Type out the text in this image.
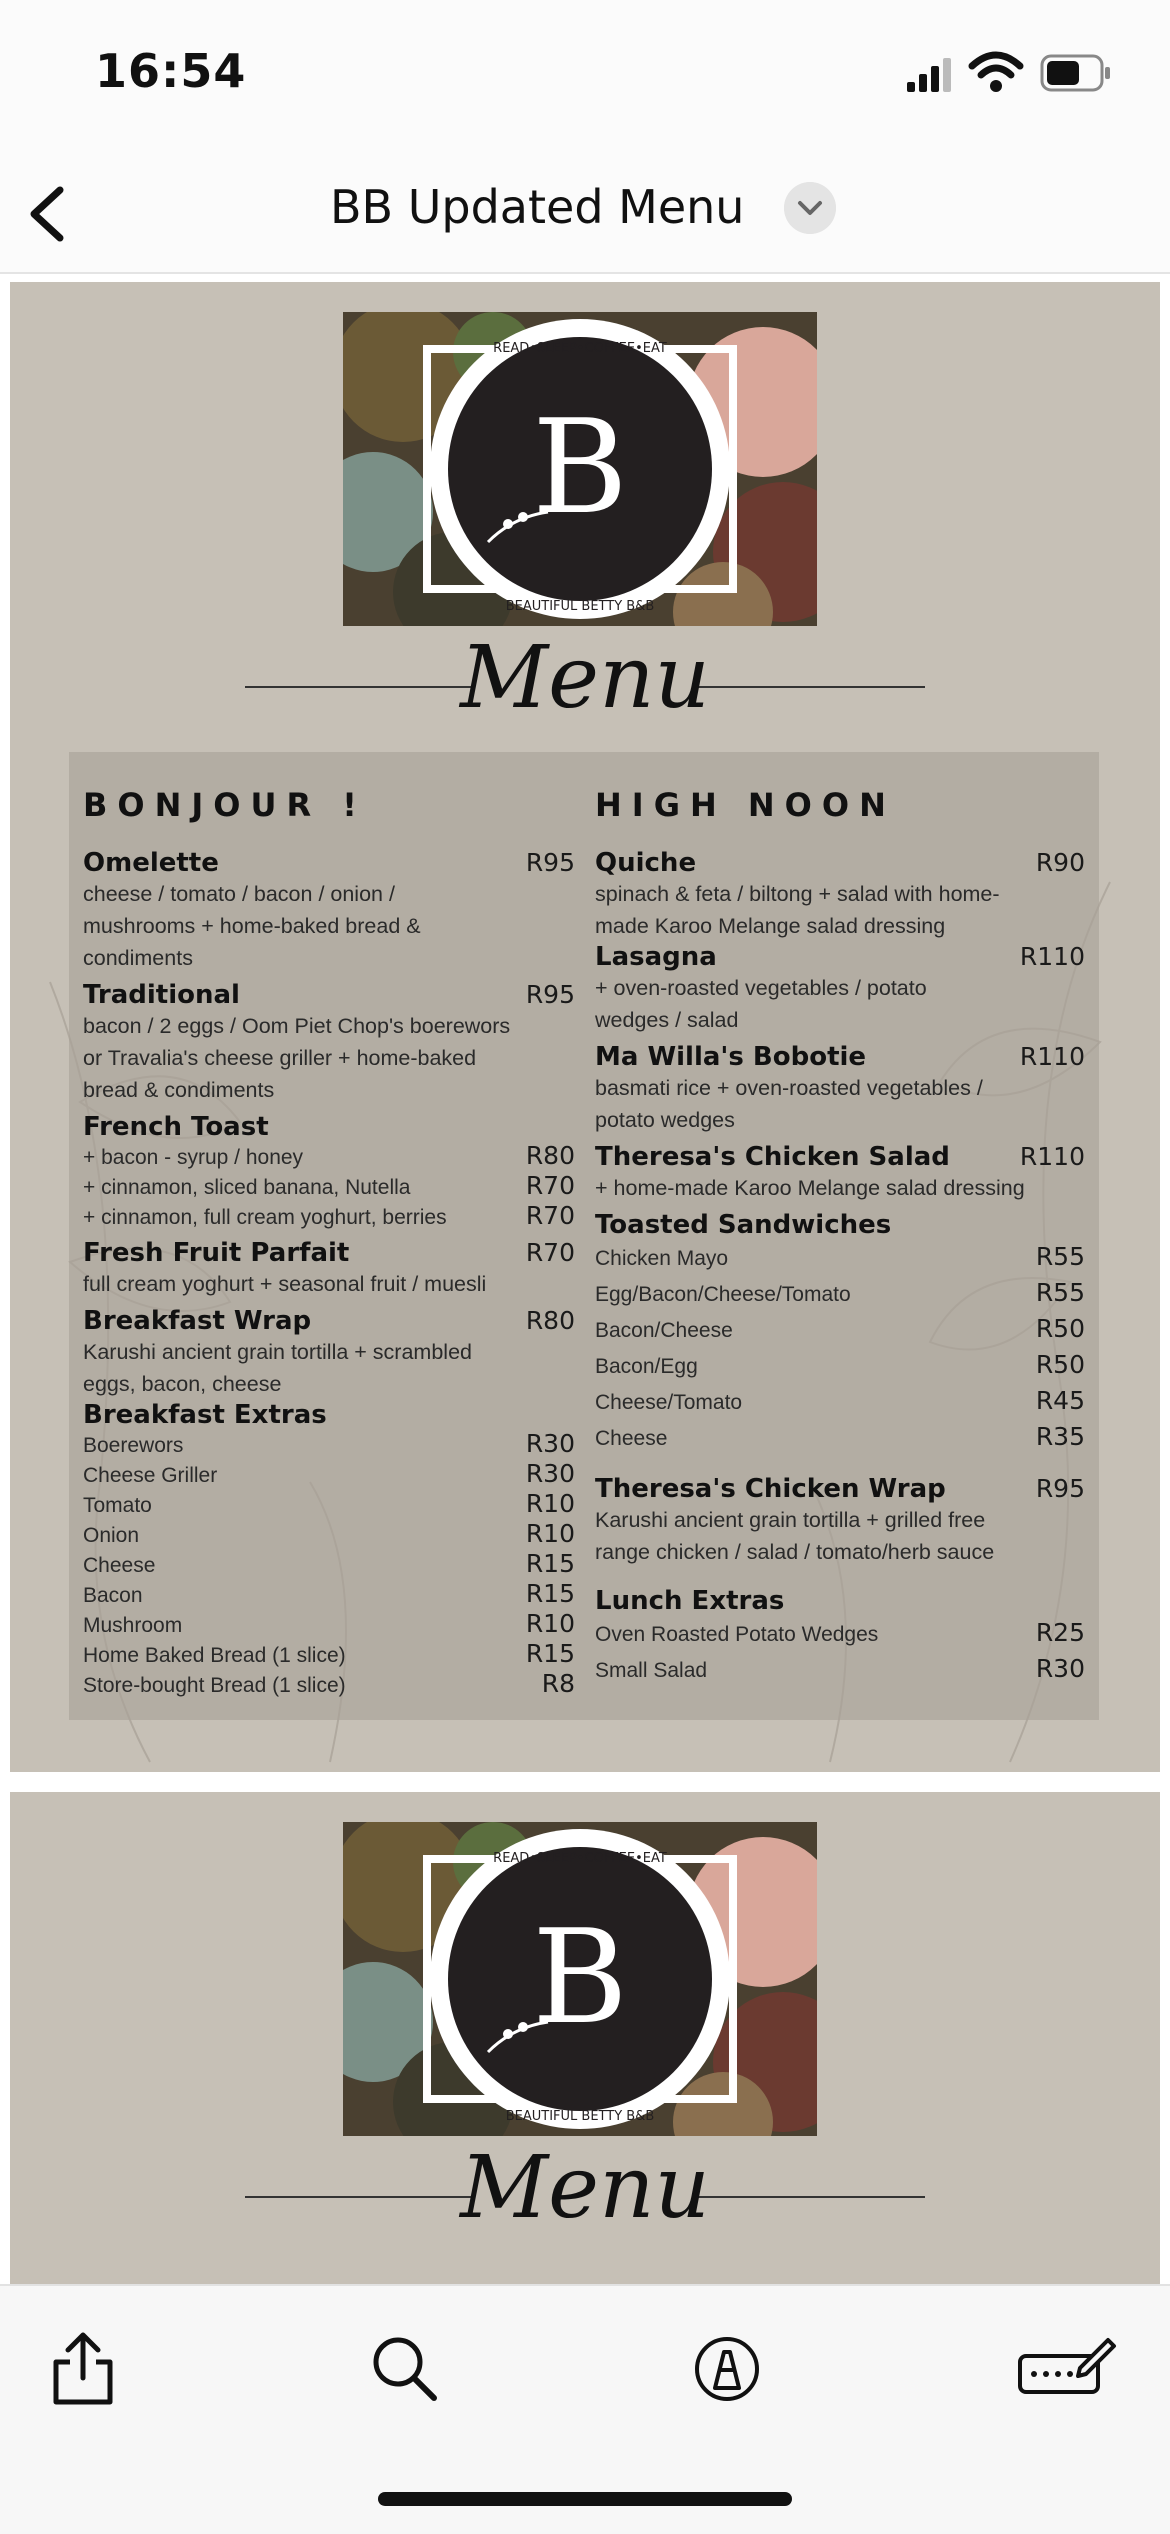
16:54
BB Updated Menu
B
READ•SLEEP•COFFEE•EAT
BEAUTIFUL BETTY B&B
Menu
BONJOUR !
Omelette	R95
cheese / tomato / bacon / onion /
mushrooms + home-baked bread &
condiments
Traditional	R95
bacon / 2 eggs / Oom Piet Chop's boerewors
or Travalia's cheese griller + home-baked
bread & condiments
French Toast
+ bacon - syrup / honey	R80
+ cinnamon, sliced banana, Nutella	R70
+ cinnamon, full cream yoghurt, berries	R70
Fresh Fruit Parfait	R70
full cream yoghurt + seasonal fruit / muesli
Breakfast Wrap	R80
Karushi ancient grain tortilla + scrambled
eggs, bacon, cheese
Breakfast Extras
Boerewors	R30
Cheese Griller	R30
Tomato	R10
Onion	R10
Cheese	R15
Bacon	R15
Mushroom	R10
Home Baked Bread (1 slice)	R15
Store-bought Bread (1 slice)	R8
HIGH NOON
Quiche	R90
spinach & feta / biltong + salad with home-
made Karoo Melange salad dressing
Lasagna	R110
+ oven-roasted vegetables / potato
wedges / salad
Ma Willa's Bobotie	R110
basmati rice + oven-roasted vegetables /
potato wedges
Theresa's Chicken Salad	R110
+ home-made Karoo Melange salad dressing
Toasted Sandwiches
Chicken Mayo	R55
Egg/Bacon/Cheese/Tomato	R55
Bacon/Cheese	R50
Bacon/Egg	R50
Cheese/Tomato	R45
Cheese	R35
Theresa's Chicken Wrap	R95
Karushi ancient grain tortilla + grilled free
range chicken / salad / tomato/herb sauce
Lunch Extras
Oven Roasted Potato Wedges	R25
Small Salad	R30
B
READ•SLEEP•COFFEE•EAT
BEAUTIFUL BETTY B&B
Menu
